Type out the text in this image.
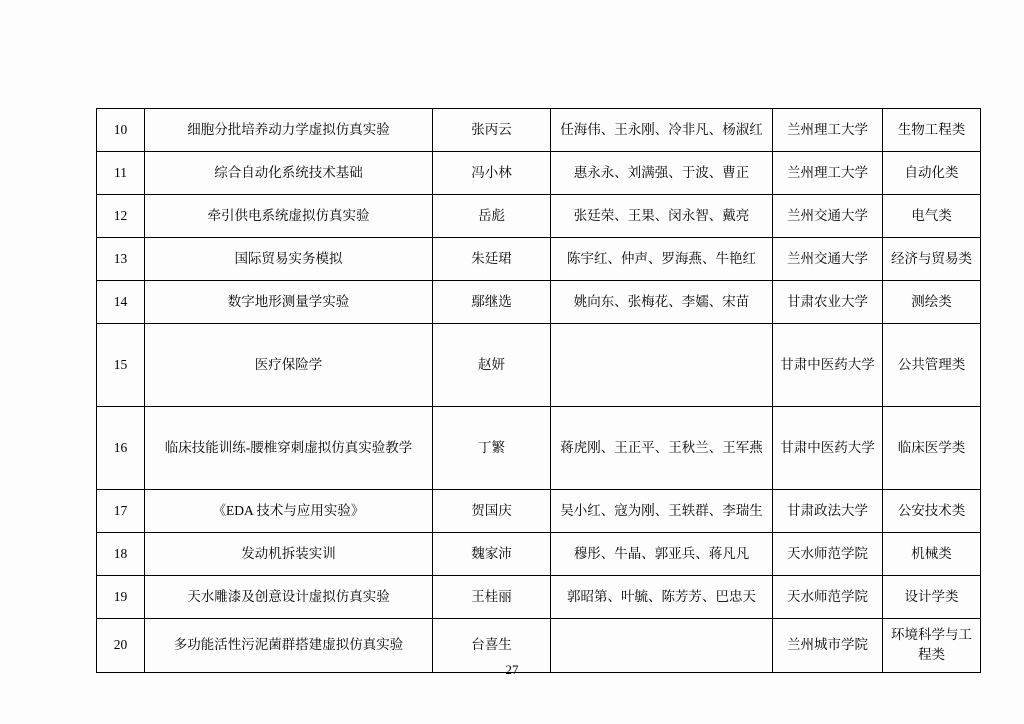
10	细胞分批培养动力学虚拟仿真实验	张丙云	任海伟、王永刚、冷非凡、杨淑红	兰州理工大学	生物工程类
11	综合自动化系统技术基础	冯小林	惠永永、刘满强、于波、曹正	兰州理工大学	自动化类
12	牵引供电系统虚拟仿真实验	岳彪	张廷荣、王果、闵永智、戴亮	兰州交通大学	电气类
13	国际贸易实务模拟	朱廷珺	陈宇红、仲声、罗海燕、牛艳红	兰州交通大学	经济与贸易类
14	数字地形测量学实验	鄢继选	姚向东、张梅花、李嬬、宋苗	甘肃农业大学	测绘类
15	医疗保险学	赵妍		甘肃中医药大学	公共管理类
16	临床技能训练-腰椎穿刺虚拟仿真实验教学	丁繁	蒋虎刚、王正平、王秋兰、王军燕	甘肃中医药大学	临床医学类
17	《EDA 技术与应用实验》	贺国庆	吴小红、寇为刚、王轶群、李瑞生	甘肃政法大学	公安技术类
18	发动机拆装实训	魏家沛	穆彤、牛晶、郭亚兵、蒋凡凡	天水师范学院	机械类
19	天水雕漆及创意设计虚拟仿真实验	王桂丽	郭昭第、叶毓、陈芳芳、巴忠天	天水师范学院	设计学类
20	多功能活性污泥菌群搭建虚拟仿真实验	台喜生		兰州城市学院	环境科学与工程类
27
